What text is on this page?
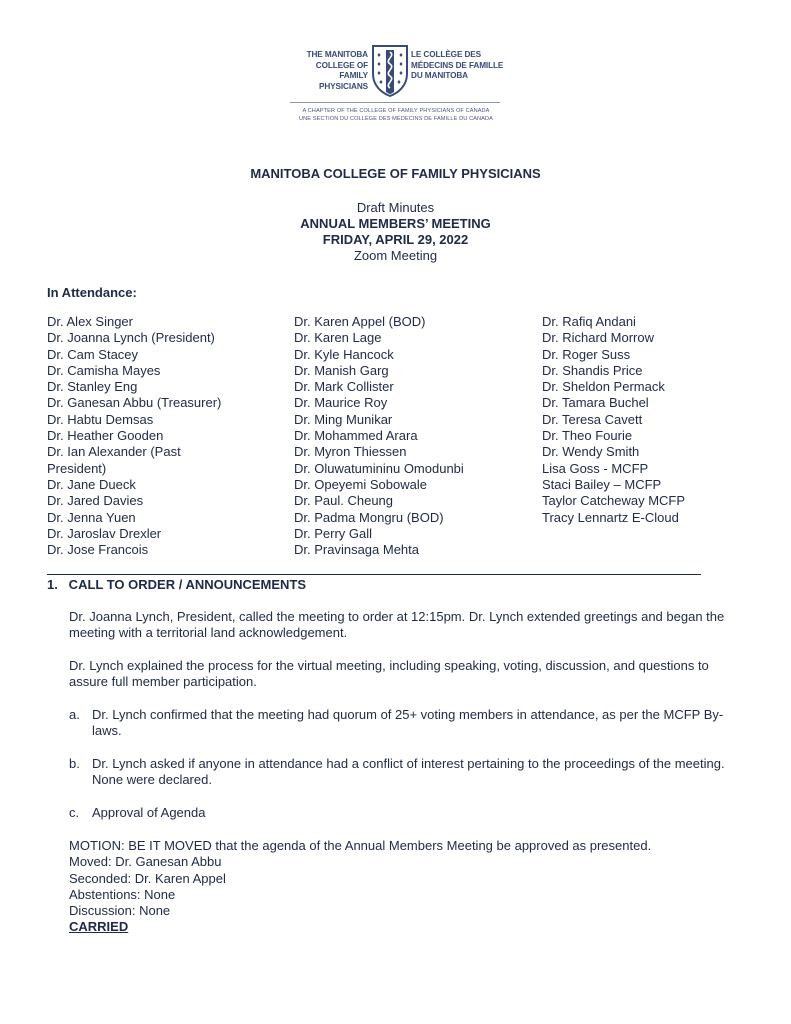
THE MANITOBA
COLLEGE OF
FAMILY PHYSICIANS
LE COLLÈGE DES
MÉDECINS DE FAMILLE
DU MANITOBA
A CHAPTER OF THE COLLEGE OF FAMILY PHYSICIANS OF CANADA
UNE SECTION DU COLLÈGE DES MÉDECINS DE FAMILLE DU CANADA
MANITOBA COLLEGE OF FAMILY PHYSICIANS
Draft Minutes
ANNUAL MEMBERS’ MEETING
FRIDAY, APRIL 29, 2022
Zoom Meeting
In Attendance:
Dr. Alex Singer
Dr. Joanna Lynch (President)
Dr. Cam Stacey
Dr. Camisha Mayes
Dr. Stanley Eng
Dr. Ganesan Abbu (Treasurer)
Dr. Habtu Demsas
Dr. Heather Gooden
Dr. Ian Alexander (Past
President)
Dr. Jane Dueck
Dr. Jared Davies
Dr. Jenna Yuen
Dr. Jaroslav Drexler
Dr. Jose Francois
Dr. Karen Appel (BOD)
Dr. Karen Lage
Dr. Kyle Hancock
Dr. Manish Garg
Dr. Mark Collister
Dr. Maurice Roy
Dr. Ming Munikar
Dr. Mohammed Arara
Dr. Myron Thiessen
Dr. Oluwatumininu Omodunbi
Dr. Opeyemi Sobowale
Dr. Paul. Cheung
Dr. Padma Mongru (BOD)
Dr. Perry Gall
Dr. Pravinsaga Mehta
Dr. Rafiq Andani
Dr. Richard Morrow
Dr. Roger Suss
Dr. Shandis Price
Dr. Sheldon Permack
Dr. Tamara Buchel
Dr. Teresa Cavett
Dr. Theo Fourie
Dr. Wendy Smith
Lisa Goss - MCFP
Staci Bailey – MCFP
Taylor Catcheway MCFP
Tracy Lennartz E-Cloud
1.   CALL TO ORDER / ANNOUNCEMENTS
Dr. Joanna Lynch, President, called the meeting to order at 12:15pm. Dr. Lynch extended greetings and began the meeting with a territorial land acknowledgement.
Dr. Lynch explained the process for the virtual meeting, including speaking, voting, discussion, and questions to assure full member participation.
a. Dr. Lynch confirmed that the meeting had quorum of 25+ voting members in attendance, as per the MCFP By-laws.
b. Dr. Lynch asked if anyone in attendance had a conflict of interest pertaining to the proceedings of the meeting. None were declared.
c. Approval of Agenda
MOTION: BE IT MOVED that the agenda of the Annual Members Meeting be approved as presented.
Moved: Dr. Ganesan Abbu
Seconded: Dr. Karen Appel
Abstentions: None
Discussion: None
CARRIED
